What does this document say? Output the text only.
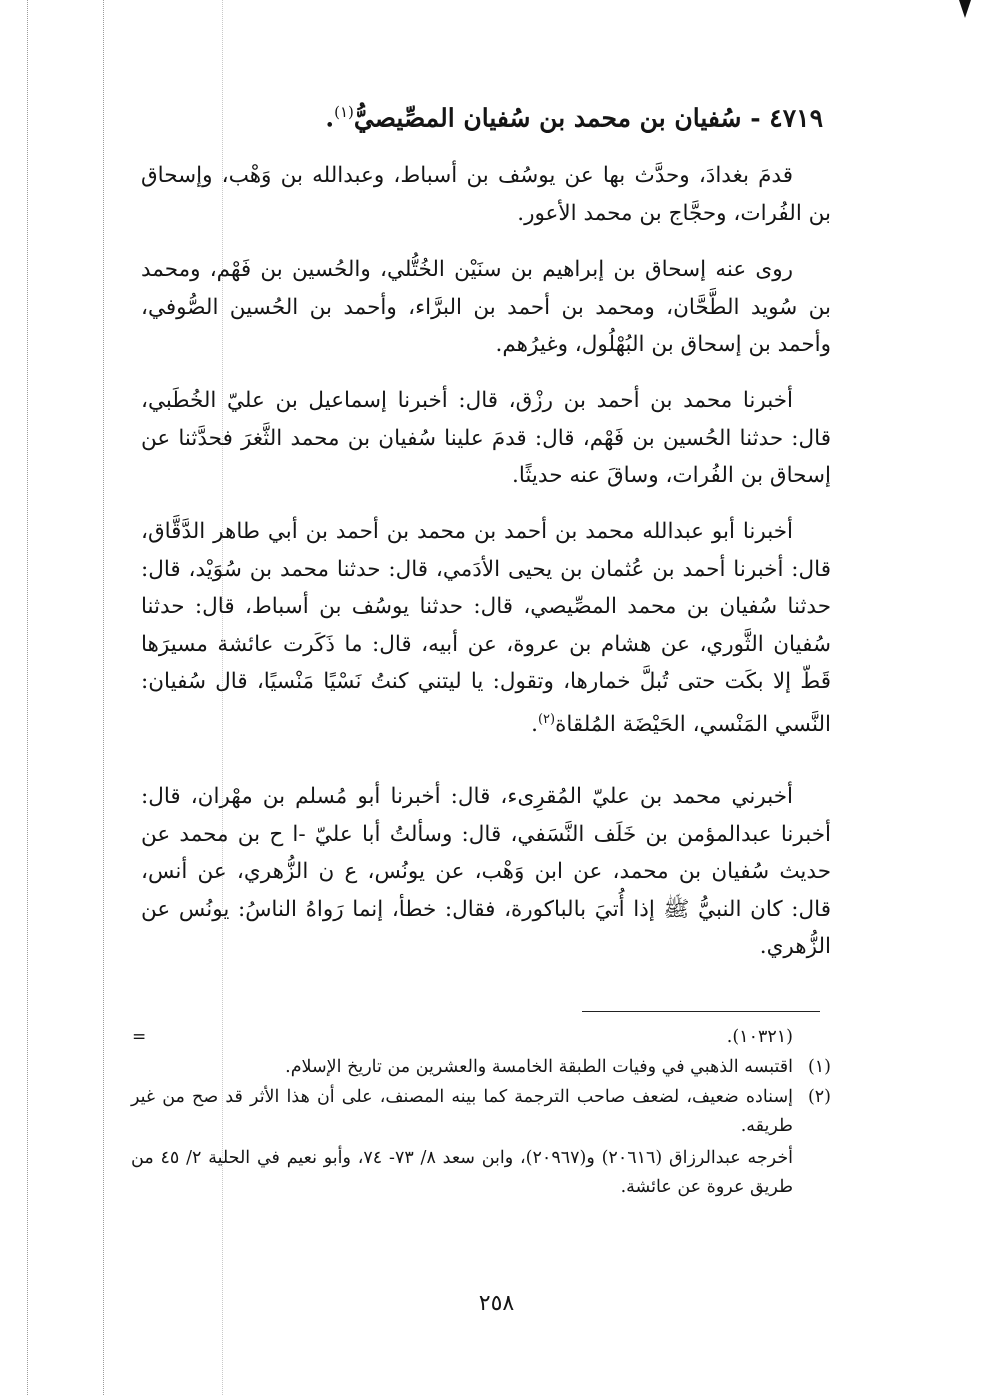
٤٧١٩ - سُفيان بن محمد بن سُفيان المصِّيصيُّ$^{(١)}$.

قدمَ بغدادَ، وحدَّث بها عن يوسُف بن أسباط، وعبدالله بن وَهْب، وإسحاق بن الفُرات، وحجَّاج بن محمد الأعور.

روى عنه إسحاق بن إبراهيم بن سنَيْن الخُتُّلي، والحُسين بن فَهْم، ومحمد بن سُويد الطَّحَّان، ومحمد بن أحمد بن البرَّاء، وأحمد بن الحُسين الصُّوفي، وأحمد بن إسحاق بن البُهْلُول، وغيرُهم.

أخبرنا محمد بن أحمد بن رزْق، قال: أخبرنا إسماعيل بن عليّ الخُطَبي، قال: حدثنا الحُسين بن فَهْم، قال: قدمَ علينا سُفيان بن محمد الثَّغرَ فحدَّثنا عن إسحاق بن الفُرات، وساقَ عنه حديثًا.

أخبرنا أبو عبدالله محمد بن أحمد بن محمد بن أحمد بن أبي طاهر الدَّقَّاق، قال: أخبرنا أحمد بن عُثمان بن يحيى الأدَمي، قال: حدثنا محمد بن سُوَيْد، قال: حدثنا سُفيان بن محمد المصِّيصي، قال: حدثنا يوسُف بن أسباط، قال: حدثنا سُفيان الثَّوري، عن هشام بن عروة، عن أبيه، قال: ما ذَكَرت عائشة مسيرَها قَطّ إلا بكَت حتى تُبلَّ خمارها، وتقول: يا ليتني كنتُ نَسْيًا مَنْسيًا، قال سُفيان: النَّسي المَنْسي، الحَيْضَة المُلقاة$^{(٢)}$.

أخبرني محمد بن عليّ المُقرِىء، قال: أخبرنا أبو مُسلم بن مهْران، قال: أخبرنا عبدالمؤمن بن خَلَف النَّسَفي، قال: وسألتُ أبا عليّ -ا ح بن محمد عن حديث سُفيان بن محمد، عن ابن وَهْب، عن يونُس، ع ن الزُّهري، عن أنس، قال: كان النبيُّ ﷺ إذا أُتيَ بالباكورة، فقال: خطأ، إنما رَواهُ الناسُ: يونُس عن الزُّهري.

=	(١٠٣٢١).
(١)
اقتبسه الذهبي في وفيات الطبقة الخامسة والعشرين من تاريخ الإسلام.
(٢)
إسناده ضعيف، لضعف صاحب الترجمة كما بينه المصنف، على أن هذا الأثر قد صح من غير طريقه.
أخرجه عبدالرزاق (٢٠٦١٦) و(٢٠٩٦٧)، وابن سعد ٨/ ٧٣- ٧٤، وأبو نعيم في الحلية ٢/ ٤٥ من طريق عروة عن عائشة.
٢٥٨
